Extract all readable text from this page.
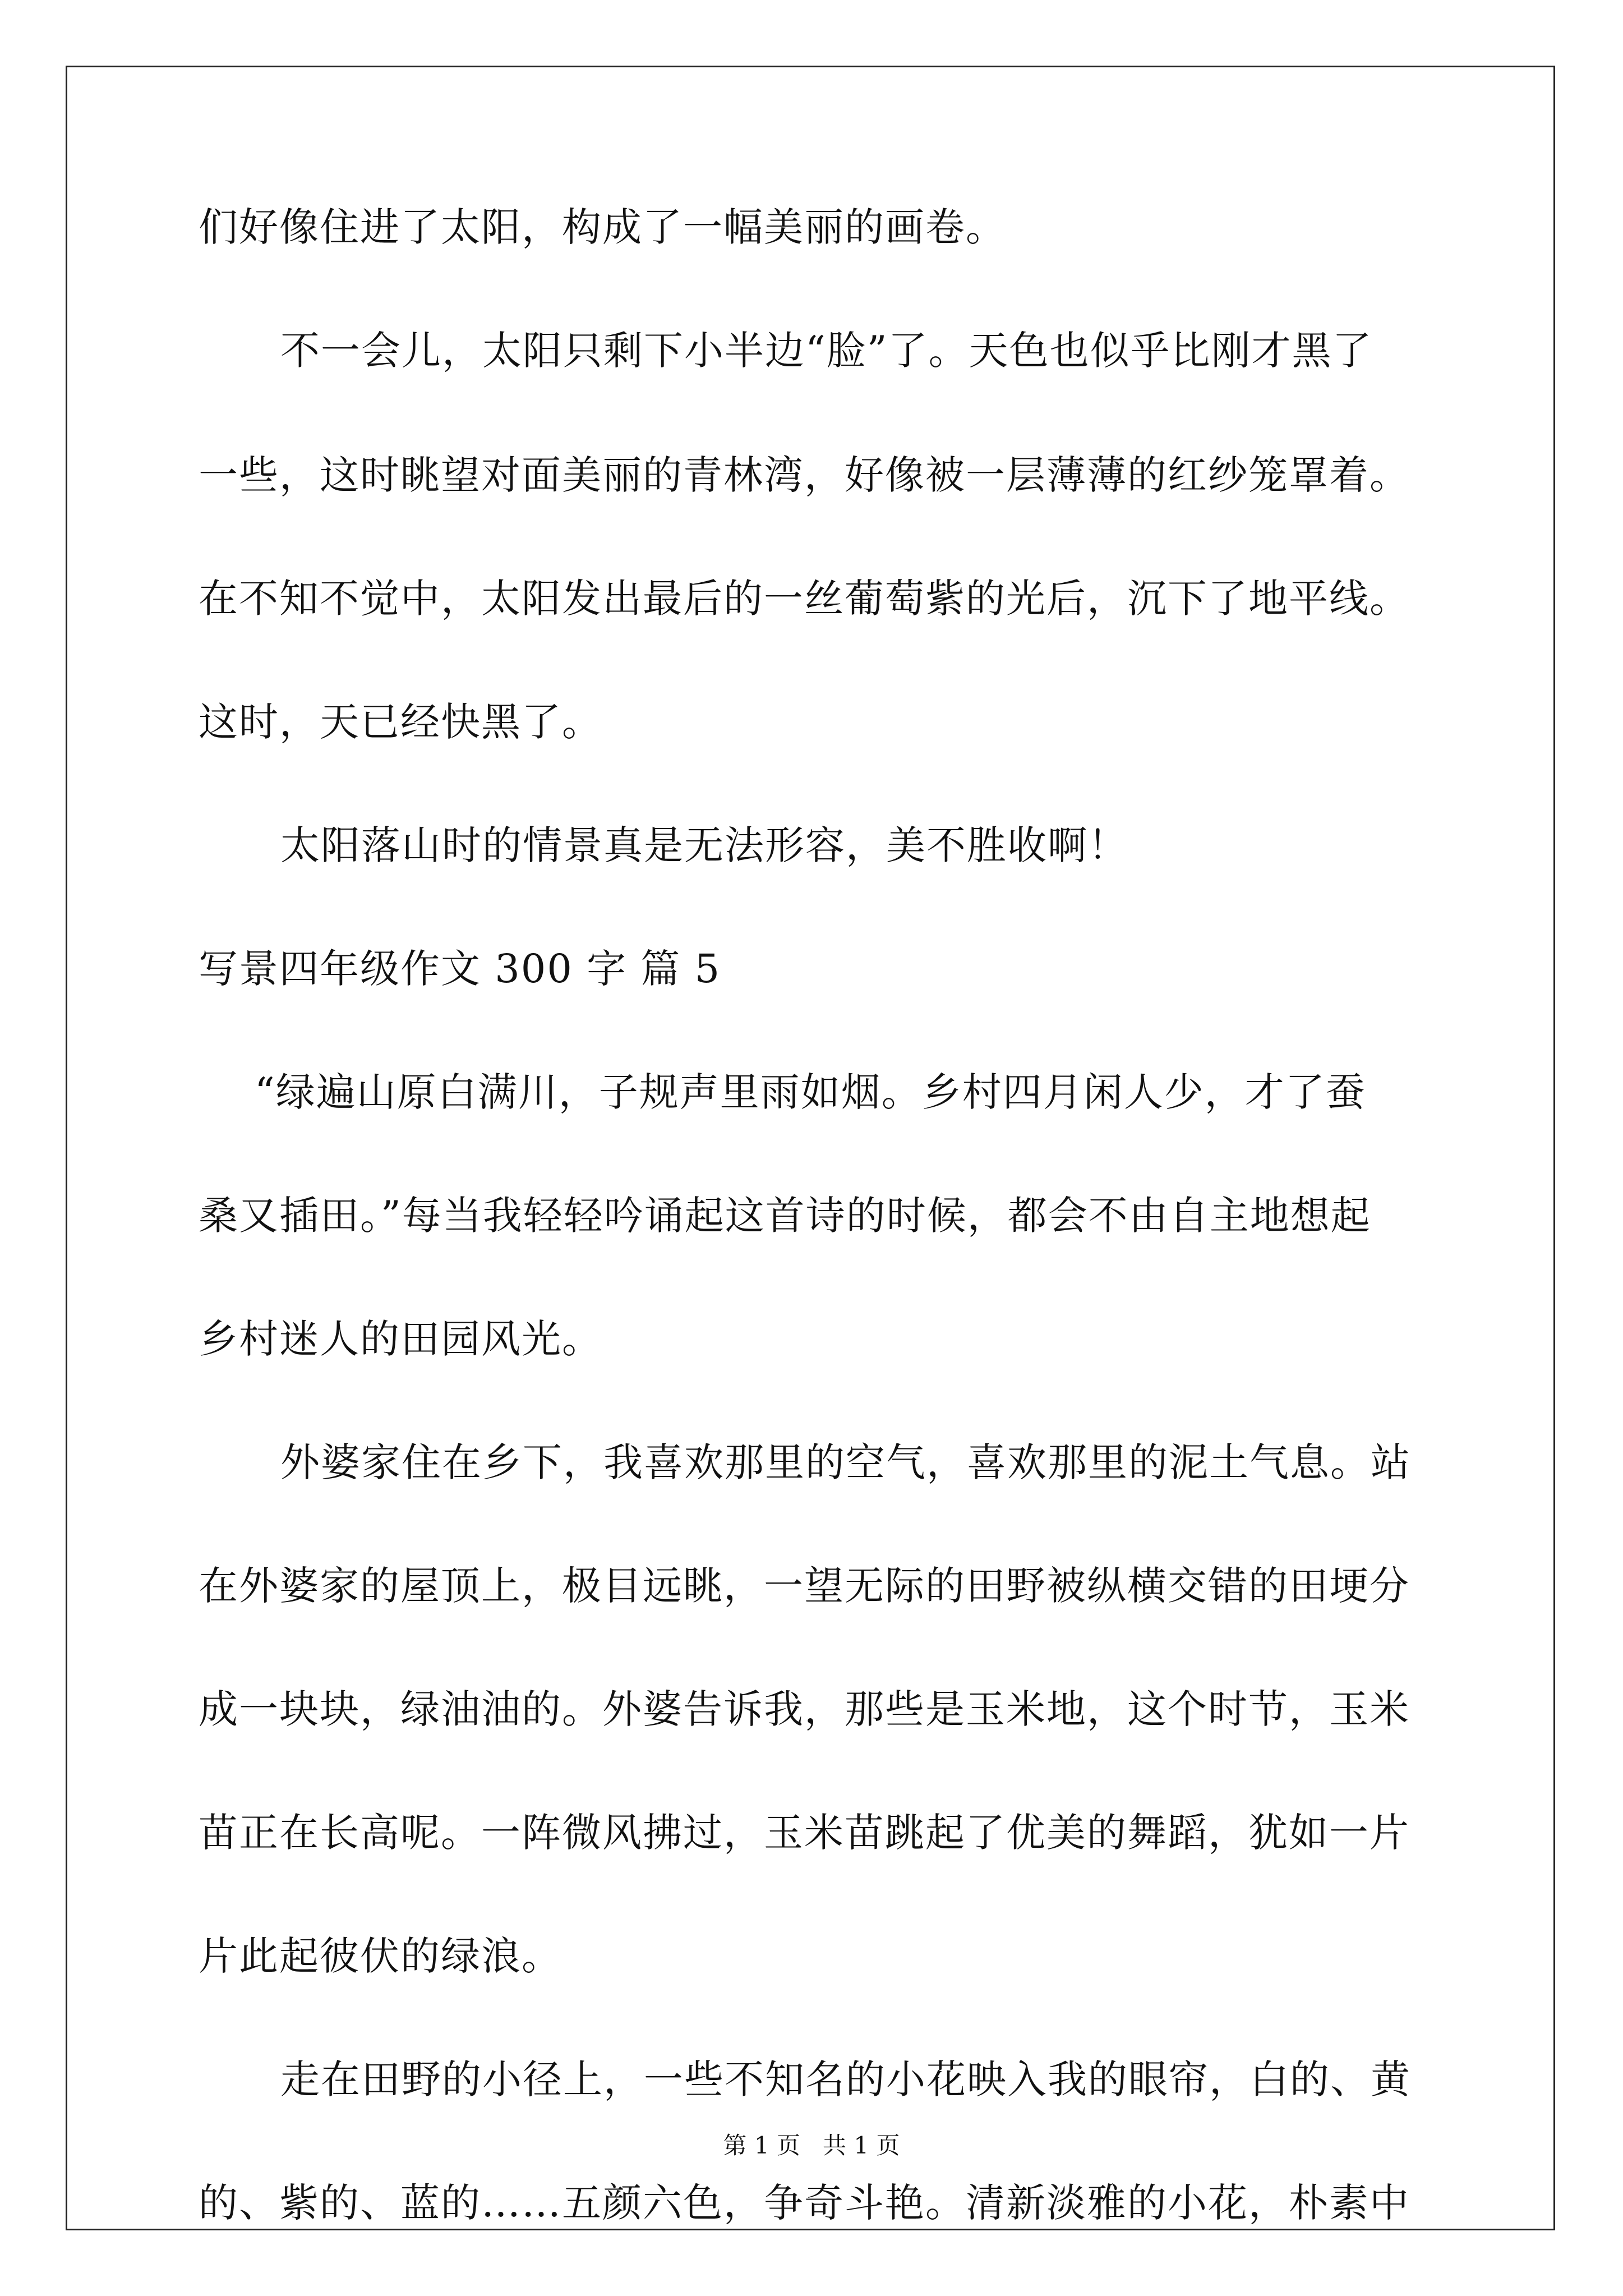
们好像住进了太阳，构成了一幅美丽的画卷。
不一会儿，太阳只剩下小半边“脸”了。天色也似乎比刚才黑了
一些，这时眺望对面美丽的青林湾，好像被一层薄薄的红纱笼罩着。
在不知不觉中，太阳发出最后的一丝葡萄紫的光后，沉下了地平线。
这时，天已经快黑了。
太阳落山时的情景真是无法形容，美不胜收啊！
写景四年级作文 300 字 篇 5
“绿遍山原白满川，子规声里雨如烟。乡村四月闲人少，才了蚕
桑又插田。”每当我轻轻吟诵起这首诗的时候，都会不由自主地想起
乡村迷人的田园风光。
外婆家住在乡下，我喜欢那里的空气，喜欢那里的泥土气息。站
在外婆家的屋顶上，极目远眺，一望无际的田野被纵横交错的田埂分
成一块块，绿油油的。外婆告诉我，那些是玉米地，这个时节，玉米
苗正在长高呢。一阵微风拂过，玉米苗跳起了优美的舞蹈，犹如一片
片此起彼伏的绿浪。
走在田野的小径上，一些不知名的小花映入我的眼帘，白的、黄
的、紫的、蓝的……五颜六色，争奇斗艳。清新淡雅的小花，朴素中
第 1 页   共 1 页
